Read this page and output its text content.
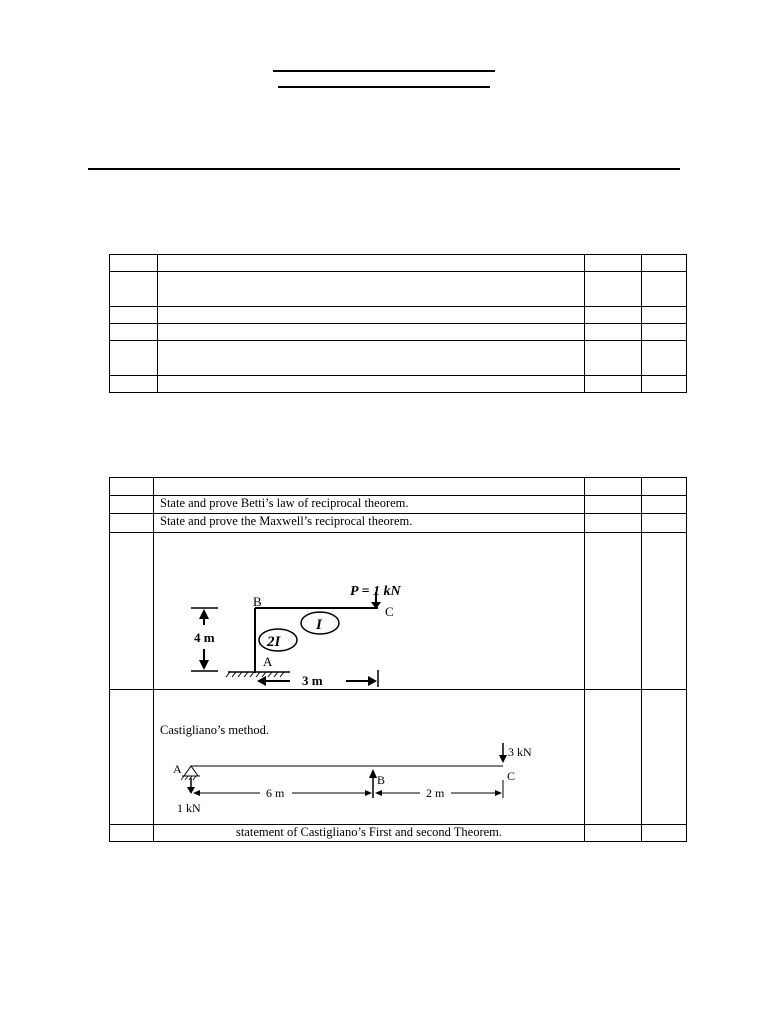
	State and prove Betti’s law of reciprocal theorem.		
	State and prove the Maxwell’s reciprocal theorem.		

	statement of Castigliano’s First and second Theorem.		
P = 1 kN
B
C
A
I
2I
4 m
3 m
Castigliano’s method.
A
1 kN
B
3 kN
C
6 m	2 m
